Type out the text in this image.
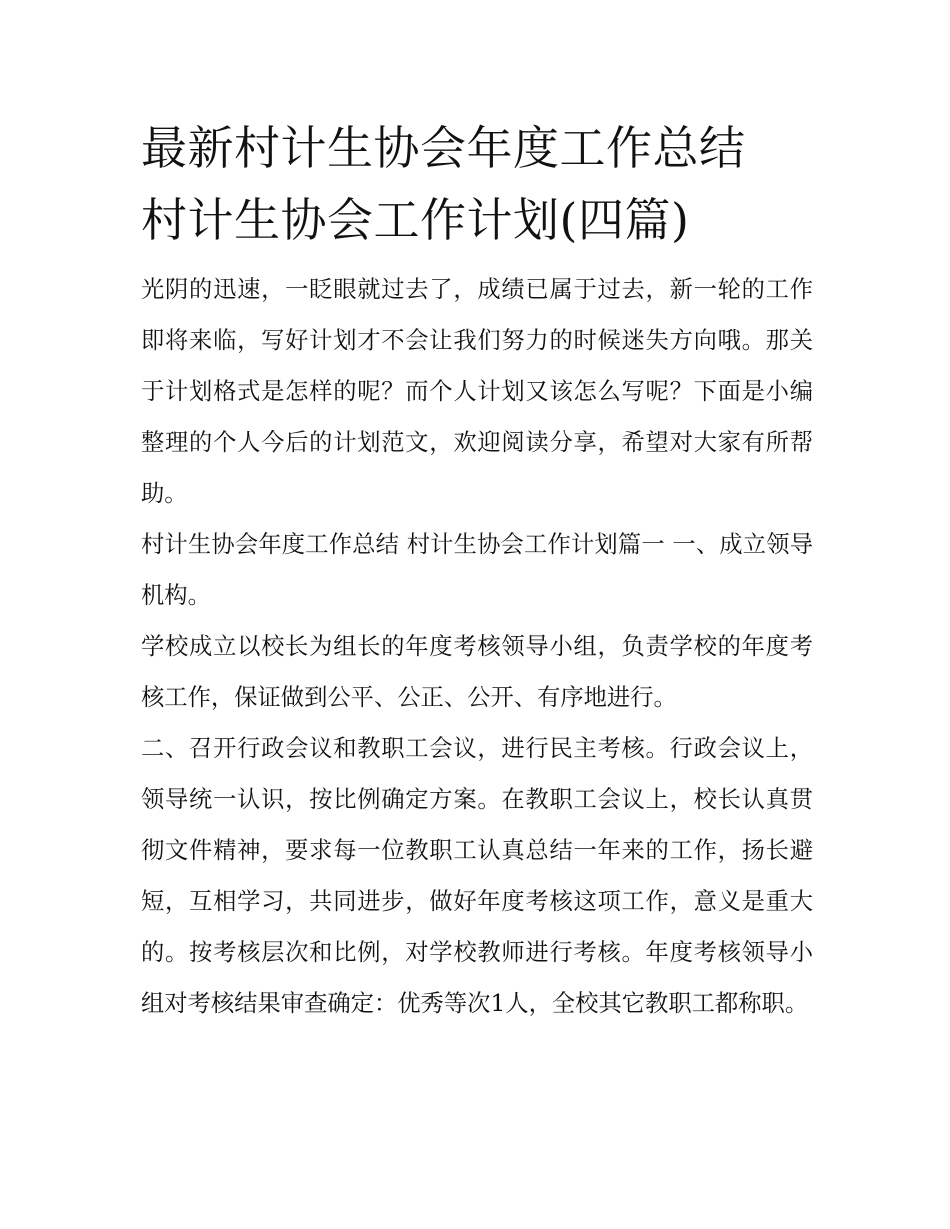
最新村计生协会年度工作总结
村计生协会工作计划(四篇)

光阴的迅速，一眨眼就过去了，成绩已属于过去，新一轮的工作即将来临，写好计划才不会让我们努力的时候迷失方向哦。那关于计划格式是怎样的呢？而个人计划又该怎么写呢？下面是小编整理的个人今后的计划范文，欢迎阅读分享，希望对大家有所帮助。

村计生协会年度工作总结 村计生协会工作计划篇一 一、成立领导机构。

学校成立以校长为组长的年度考核领导小组，负责学校的年度考核工作，保证做到公平、公正、公开、有序地进行。

二、召开行政会议和教职工会议，进行民主考核。行政会议上，领导统一认识，按比例确定方案。在教职工会议上，校长认真贯彻文件精神，要求每一位教职工认真总结一年来的工作，扬长避短，互相学习，共同进步，做好年度考核这项工作，意义是重大的。按考核层次和比例，对学校教师进行考核。年度考核领导小组对考核结果审查确定：优秀等次1人，全校其它教职工都称职。
